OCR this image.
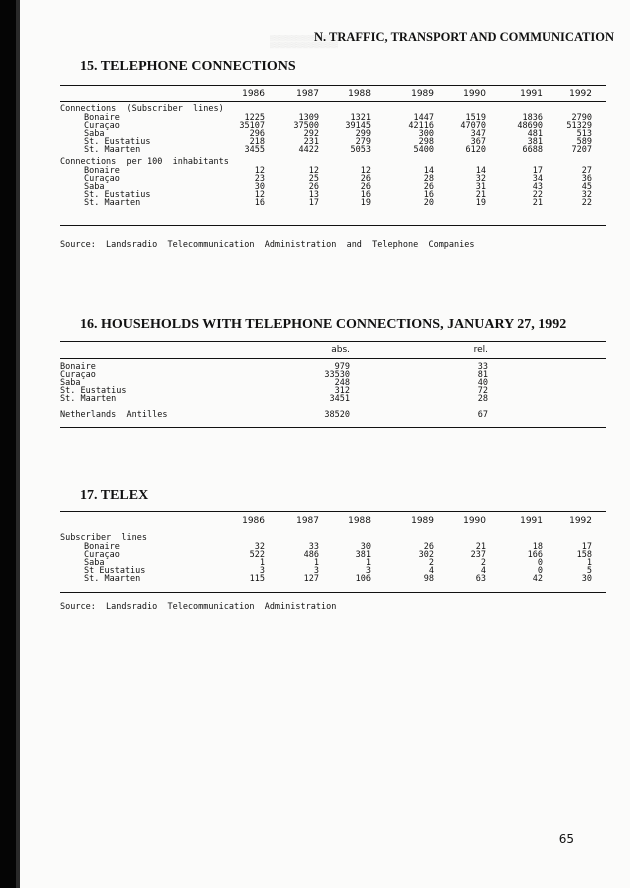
▒▒▒▒▒▒▒▒
N. TRAFFIC, TRANSPORT AND COMMUNICATION
15. TELEPHONE CONNECTIONS
1986	1987	1988	1989	1990	1991	1992
Connections  (Subscriber  lines)
Bonaire	1225	1309	1321	1447	1519	1836	2790
Curaçao	35107	37500	39145	42116	47070	48690	51329
Saba	296	292	299	300	347	481	513
St. Eustatius	218	231	279	298	367	381	589
St. Maarten	3455	4422	5053	5400	6120	6688	7207
Connections  per 100  inhabitants
Bonaire	12	12	12	14	14	17	27
Curaçao	23	25	26	28	32	34	36
Saba	30	26	26	26	31	43	45
St. Eustatius	12	13	16	16	21	22	32
St. Maarten	16	17	19	20	19	21	22
Source:  Landsradio  Telecommunication  Administration  and  Telephone  Companies
16. HOUSEHOLDS WITH TELEPHONE CONNECTIONS, JANUARY 27, 1992
abs.	rel.
Bonaire	979	33
Curaçao	33530	81
Saba	248	40
St. Eustatius	312	72
St. Maarten	3451	28
Netherlands  Antilles	38520	67
17. TELEX
1986	1987	1988	1989	1990	1991	1992
Subscriber  lines
Bonaire	32	33	30	26	21	18	17
Curaçao	522	486	381	302	237	166	158
Saba	1	1	1	2	2	0	1
St Eustatius	3	3	3	4	4	0	5
St. Maarten	115	127	106	98	63	42	30
Source:  Landsradio  Telecommunication  Administration
65
